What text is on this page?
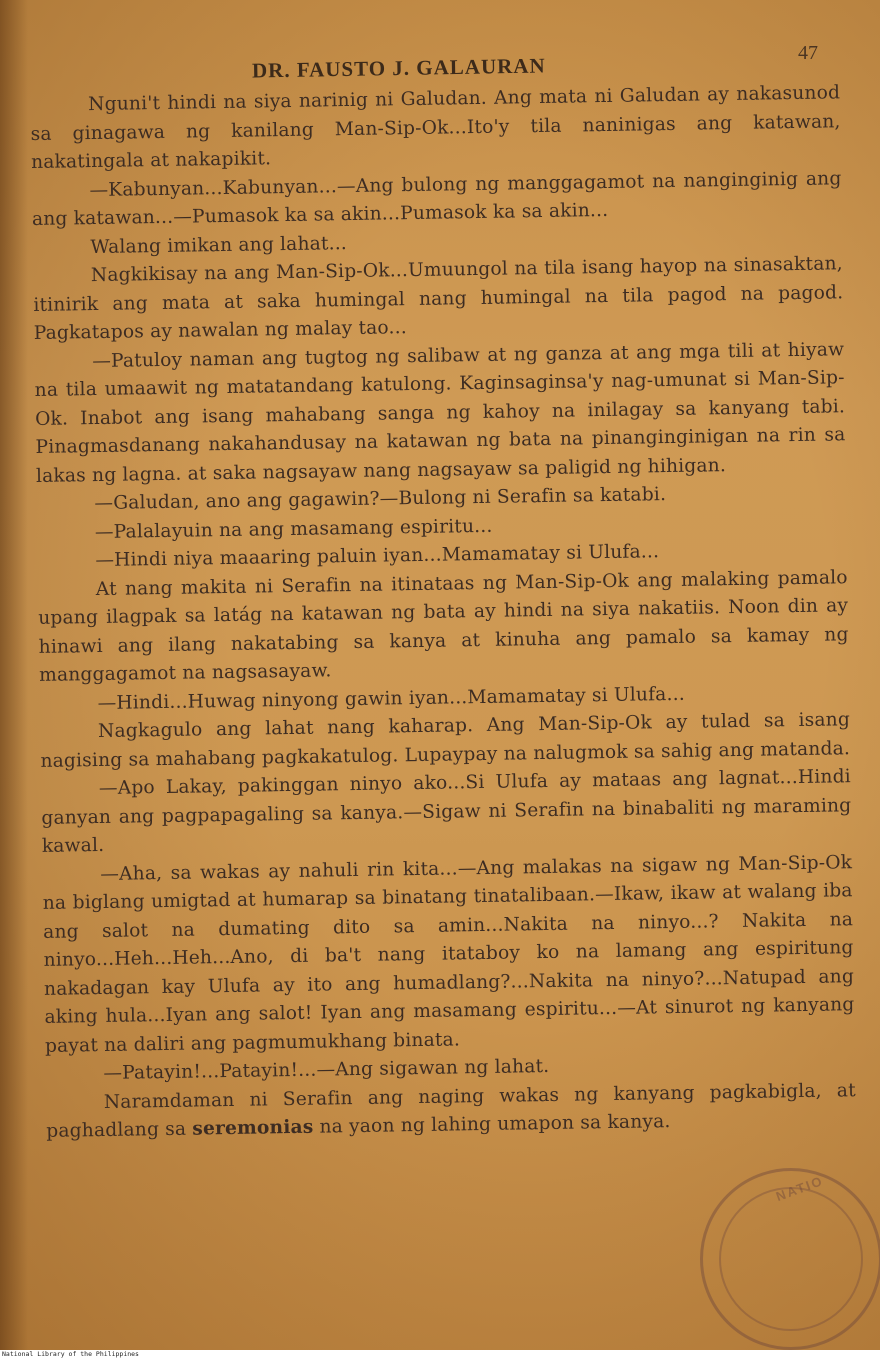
DR. FAUSTO J. GALAURAN
47

Nguni't hindi na siya narinig ni Galudan. Ang mata ni Galudan ay nakasunod sa ginagawa ng kanilang Man-Sip-Ok...Ito'y tila naninigas ang katawan, nakatingala at nakapikit.

—Kabunyan...Kabunyan...—Ang bulong ng manggagamot na nanginginig ang ang katawan...—Pumasok ka sa akin...Pumasok ka sa akin...

Walang imikan ang lahat...

Nagkikisay na ang Man-Sip-Ok...Umuungol na tila isang hayop na sinasaktan, itinirik ang mata at saka humingal nang humingal na tila pagod na pagod. Pagkatapos ay nawalan ng malay tao...

—Patuloy naman ang tugtog ng salibaw at ng ganza at ang mga tili at hiyaw na tila umaawit ng matatandang katulong. Kaginsaginsa'y nag-umunat si Man-Sip-Ok. Inabot ang isang mahabang sanga ng kahoy na inilagay sa kanyang tabi. Pinagmasdanang nakahandusay na katawan ng bata na pinanginginigan na rin sa lakas ng lagna. at saka nagsayaw nang nagsayaw sa paligid ng hihigan.

—Galudan, ano ang gagawin?—Bulong ni Serafin sa katabi.

—Palalayuin na ang masamang espiritu...

—Hindi niya maaaring paluin iyan...Mamamatay si Ulufa...

At nang makita ni Serafin na itinataas ng Man-Sip-Ok ang malaking pamalo upang ilagpak sa latág na katawan ng bata ay hindi na siya nakatiis. Noon din ay hinawi ang ilang nakatabing sa kanya at kinuha ang pamalo sa kamay ng manggagamot na nagsasayaw.

—Hindi...Huwag ninyong gawin iyan...Mamamatay si Ulufa...

Nagkagulo ang lahat nang kaharap. Ang Man-Sip-Ok ay tulad sa isang nagising sa mahabang pagkakatulog. Lupaypay na nalugmok sa sahig ang matanda.

—Apo Lakay, pakinggan ninyo ako...Si Ulufa ay mataas ang lagnat...Hindi ganyan ang pagpapagaling sa kanya.—Sigaw ni Serafin na binabaliti ng maraming kawal.

—Aha, sa wakas ay nahuli rin kita...—Ang malakas na sigaw ng Man-Sip-Ok na biglang umigtad at humarap sa binatang tinatalibaan.—Ikaw, ikaw at walang iba ang salot na dumating dito sa amin...Nakita na ninyo...? Nakita na ninyo...Heh...Heh...Ano, di ba't nang itataboy ko na lamang ang espiritung nakadagan kay Ulufa ay ito ang humadlang?...Nakita na ninyo?...Natupad ang aking hula...Iyan ang salot! Iyan ang masamang espiritu...—At sinurot ng kanyang payat na daliri ang pagmumukhang binata.

—Patayin!...Patayin!...—Ang sigawan ng lahat.

Naramdaman ni Serafin ang naging wakas ng kanyang pagkabigla, at paghadlang sa seremonias na yaon ng lahing umapon sa kanya.

NATIO
National Library of the Philippines
